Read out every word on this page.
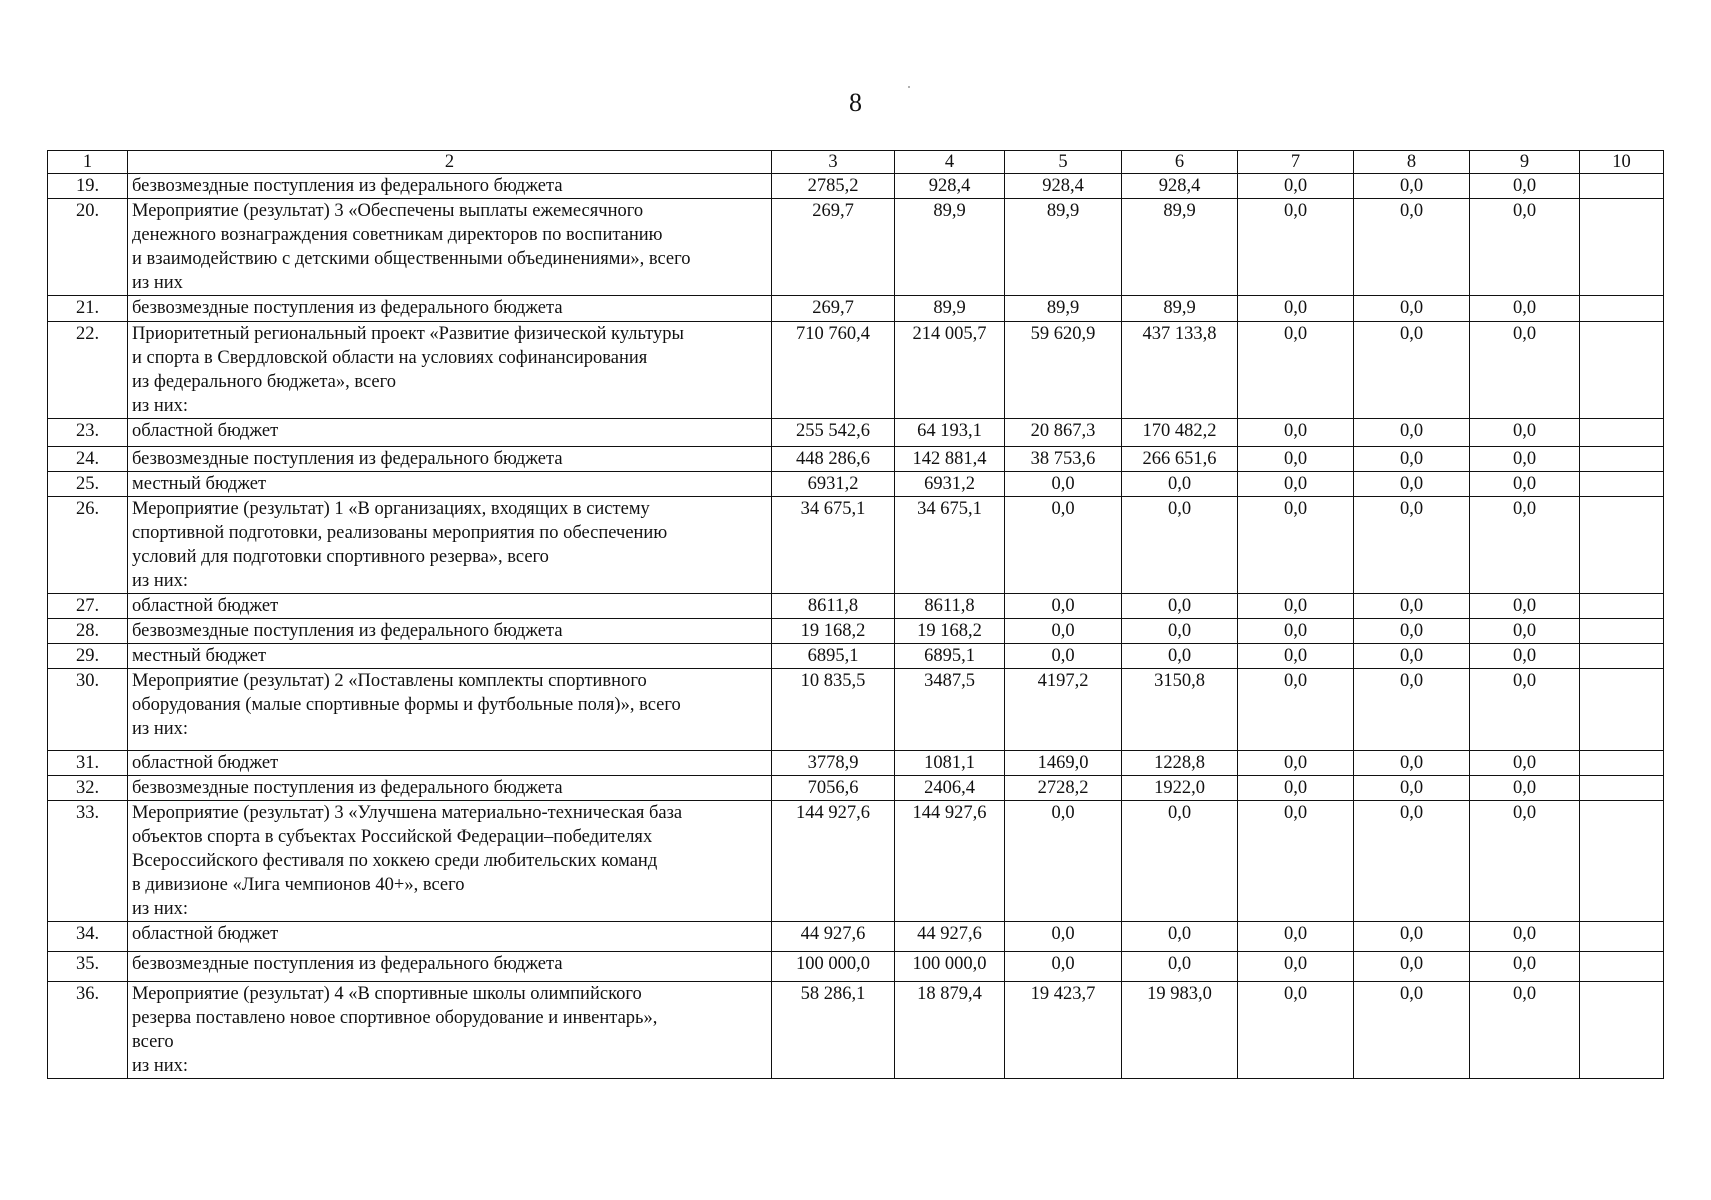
8
1	2	3	4	5	6	7	8	9	10
19.	безвозмездные поступления из федерального бюджета	2785,2	928,4	928,4	928,4	0,0	0,0	0,0	
20.	Мероприятие (результат) 3 «Обеспечены выплаты ежемесячного
денежного вознаграждения советникам директоров по воспитанию
и взаимодействию с детскими общественными объединениями», всего
из них	269,7	89,9	89,9	89,9	0,0	0,0	0,0	
21.	безвозмездные поступления из федерального бюджета	269,7	89,9	89,9	89,9	0,0	0,0	0,0	
22.	Приоритетный региональный проект «Развитие физической культуры
и спорта в Свердловской области на условиях софинансирования
из федерального бюджета», всего
из них:	710 760,4	214 005,7	59 620,9	437 133,8	0,0	0,0	0,0	
23.	областной бюджет	255 542,6	64 193,1	20 867,3	170 482,2	0,0	0,0	0,0	
24.	безвозмездные поступления из федерального бюджета	448 286,6	142 881,4	38 753,6	266 651,6	0,0	0,0	0,0	
25.	местный бюджет	6931,2	6931,2	0,0	0,0	0,0	0,0	0,0	
26.	Мероприятие (результат) 1 «В организациях, входящих в систему
спортивной подготовки, реализованы мероприятия по обеспечению
условий для подготовки спортивного резерва», всего
из них:	34 675,1	34 675,1	0,0	0,0	0,0	0,0	0,0	
27.	областной бюджет	8611,8	8611,8	0,0	0,0	0,0	0,0	0,0	
28.	безвозмездные поступления из федерального бюджета	19 168,2	19 168,2	0,0	0,0	0,0	0,0	0,0	
29.	местный бюджет	6895,1	6895,1	0,0	0,0	0,0	0,0	0,0	
30.	Мероприятие (результат) 2 «Поставлены комплекты спортивного
оборудования (малые спортивные формы и футбольные поля)», всего
из них:	10 835,5	3487,5	4197,2	3150,8	0,0	0,0	0,0	
31.	областной бюджет	3778,9	1081,1	1469,0	1228,8	0,0	0,0	0,0	
32.	безвозмездные поступления из федерального бюджета	7056,6	2406,4	2728,2	1922,0	0,0	0,0	0,0	
33.	Мероприятие (результат) 3 «Улучшена материально-техническая база
объектов спорта в субъектах Российской Федерации–победителях
Всероссийского фестиваля по хоккею среди любительских команд
в дивизионе «Лига чемпионов 40+», всего
из них:	144 927,6	144 927,6	0,0	0,0	0,0	0,0	0,0	
34.	областной бюджет	44 927,6	44 927,6	0,0	0,0	0,0	0,0	0,0	
35.	безвозмездные поступления из федерального бюджета	100 000,0	100 000,0	0,0	0,0	0,0	0,0	0,0	
36.	Мероприятие (результат) 4 «В спортивные школы олимпийского
резерва поставлено новое спортивное оборудование и инвентарь»,
всего
из них:	58 286,1	18 879,4	19 423,7	19 983,0	0,0	0,0	0,0	
